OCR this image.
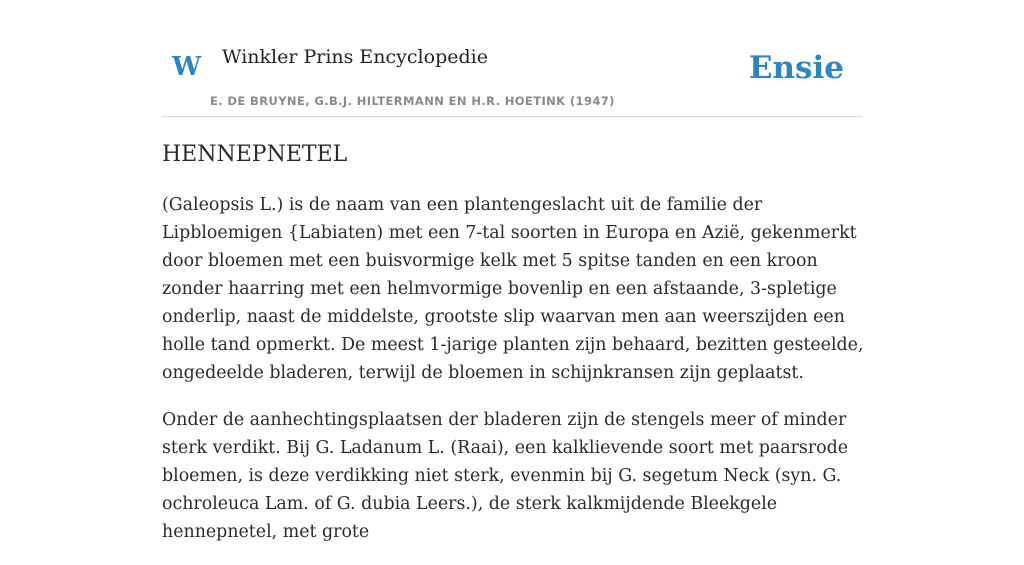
W Winkler Prins Encyclopedie
E. DE BRUYNE, G.B.J. HILTERMANN EN H.R. HOETINK (1947)
Ensie
HENNEPNETEL

(Galeopsis L.) is de naam van een plantengeslacht uit de familie der Lipbloemigen {Labiaten) met een 7-tal soorten in Europa en Azië, gekenmerkt door bloemen met een buisvormige kelk met 5 spitse tanden en een kroon zonder haarring met een helmvormige bovenlip en een afstaande, 3-spletige onderlip, naast de middelste, grootste slip waarvan men aan weerszijden een holle tand opmerkt. De meest 1-jarige planten zijn behaard, bezitten gesteelde, ongedeelde bladeren, terwijl de bloemen in schijnkransen zijn geplaatst.

Onder de aanhechtingsplaatsen der bladeren zijn de stengels meer of minder sterk verdikt. Bij G. Ladanum L. (Raai), een kalklievende soort met paarsrode bloemen, is deze verdikking niet sterk, evenmin bij G. segetum Neck (syn. G. ochroleuca Lam. of G. dubia Leers.), de sterk kalkmijdende Bleekgele hennepnetel, met grote
